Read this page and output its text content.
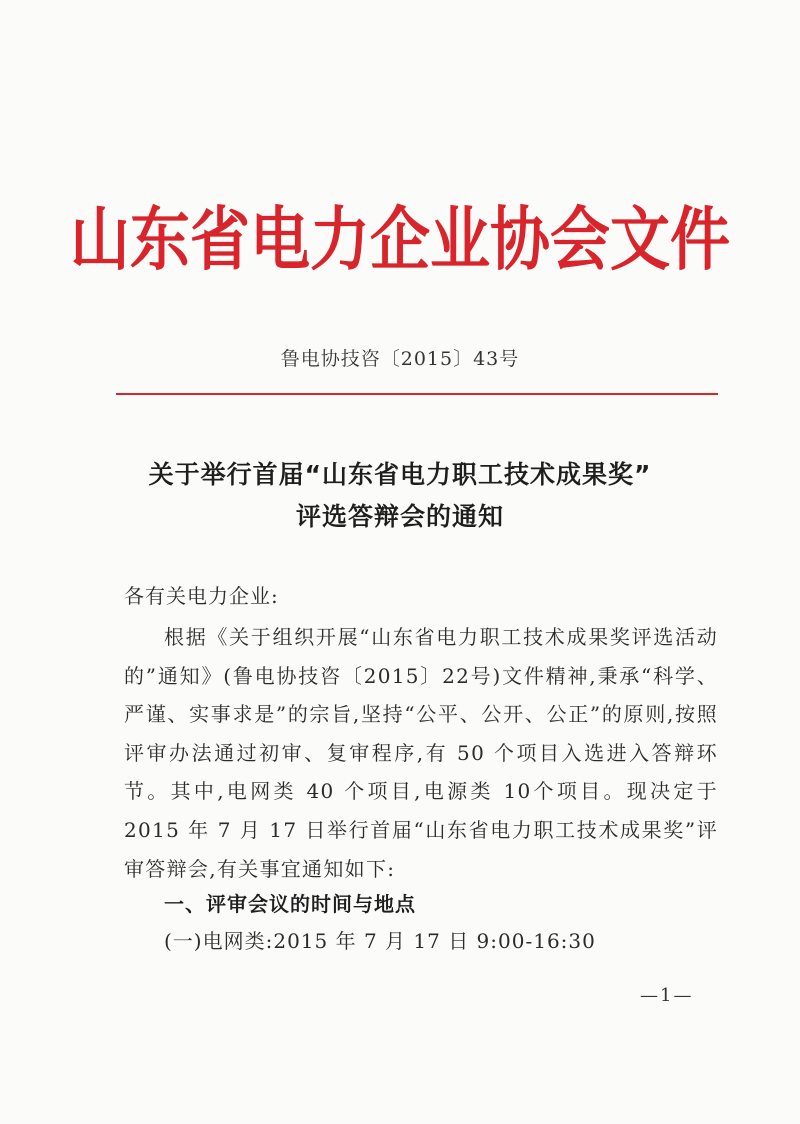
山东省电力企业协会文件
鲁电协技咨〔2015〕43号
关于举行首届“山东省电力职工技术成果奖”
评选答辩会的通知
各有关电力企业:
根据《关于组织开展“山东省电力职工技术成果奖评选活动的”通知》(鲁电协技咨〔2015〕22号)文件精神,秉承“科学、严谨、实事求是”的宗旨,坚持“公平、公开、公正”的原则,按照评审办法通过初审、复审程序,有 50 个项目入选进入答辩环节。其中,电网类 40 个项目,电源类 10个项目。现决定于 2015 年 7 月 17 日举行首届“山东省电力职工技术成果奖”评审答辩会,有关事宜通知如下:
一、评审会议的时间与地点
(一)电网类:2015 年 7 月 17 日 9:00-16:30
—1—
